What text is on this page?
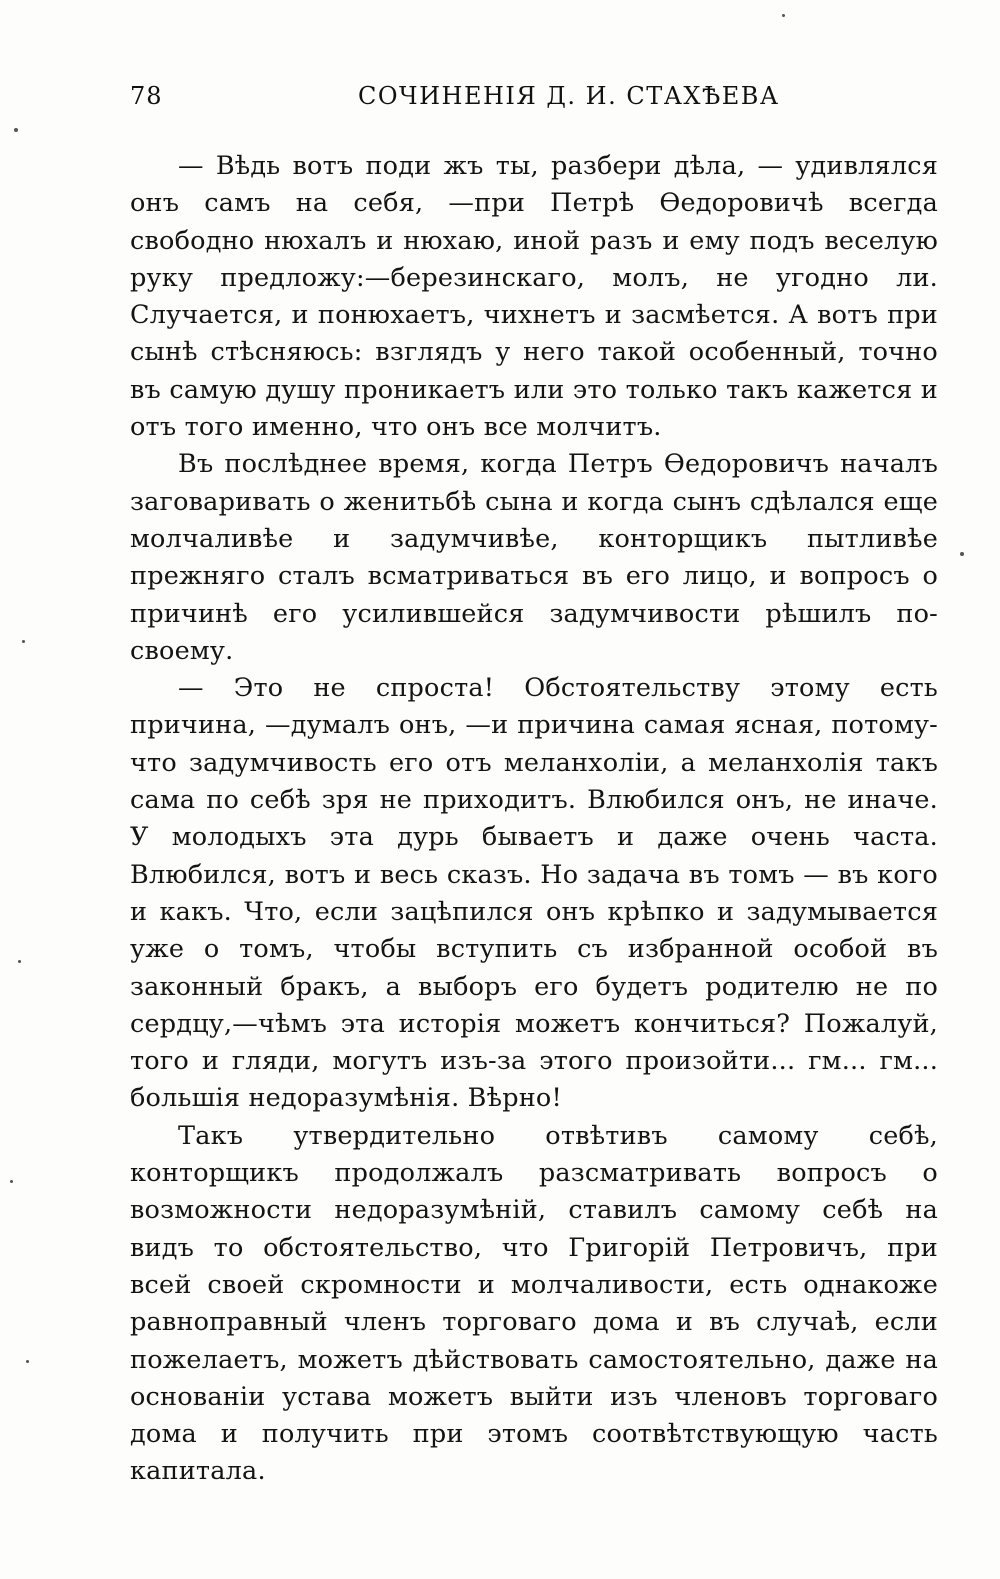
78	СОЧИНЕНІЯ Д. И. СТАХѢЕВА

— Вѣдь вотъ поди жъ ты, разбери дѣла, — удивлялся онъ самъ на себя, —при Петрѣ Ѳедоровичѣ всегда свободно нюхалъ и нюхаю, иной разъ и ему подъ веселую руку предложу:—березинскаго, молъ, не угодно ли. Случается, и понюхаетъ, чихнетъ и засмѣется. А вотъ при сынѣ стѣсняюсь: взглядъ у него такой особенный, точно въ самую душу проникаетъ или это только такъ кажется и отъ того именно, что онъ все молчитъ.

Въ послѣднее время, когда Петръ Ѳедоровичъ началъ заговаривать о женитьбѣ сына и когда сынъ сдѣлался еще молчаливѣе и задумчивѣе, конторщикъ пытливѣе прежняго сталъ всматриваться въ его лицо, и вопросъ о причинѣ его усилившейся задумчивости рѣшилъ по-своему.

— Это не спроста! Обстоятельству этому есть причина, —думалъ онъ, —и причина самая ясная, потому-что задумчивость его отъ меланхоліи, а меланхолія такъ сама по себѣ зря не приходитъ. Влюбился онъ, не иначе. У молодыхъ эта дурь бываетъ и даже очень часта. Влюбился, вотъ и весь сказъ. Но задача въ томъ — въ кого и какъ. Что, если зацѣпился онъ крѣпко и задумывается уже о томъ, чтобы вступить съ избранной особой въ законный бракъ, а выборъ его будетъ родителю не по сердцу,—чѣмъ эта исторія можетъ кончиться? Пожалуй, того и гляди, могутъ изъ-за этого произойти... гм... гм... большія недоразумѣнія. Вѣрно!

Такъ утвердительно отвѣтивъ самому себѣ, конторщикъ продолжалъ разсматривать вопросъ о возможности недоразумѣній, ставилъ самому себѣ на видъ то обстоятельство, что Григорій Петровичъ, при всей своей скромности и молчаливости, есть однакоже равноправный членъ торговаго дома и въ случаѣ, если пожелаетъ, можетъ дѣйствовать самостоятельно, даже на основаніи устава можетъ выйти изъ членовъ торговаго дома и получить при этомъ соотвѣтствующую часть капитала.
